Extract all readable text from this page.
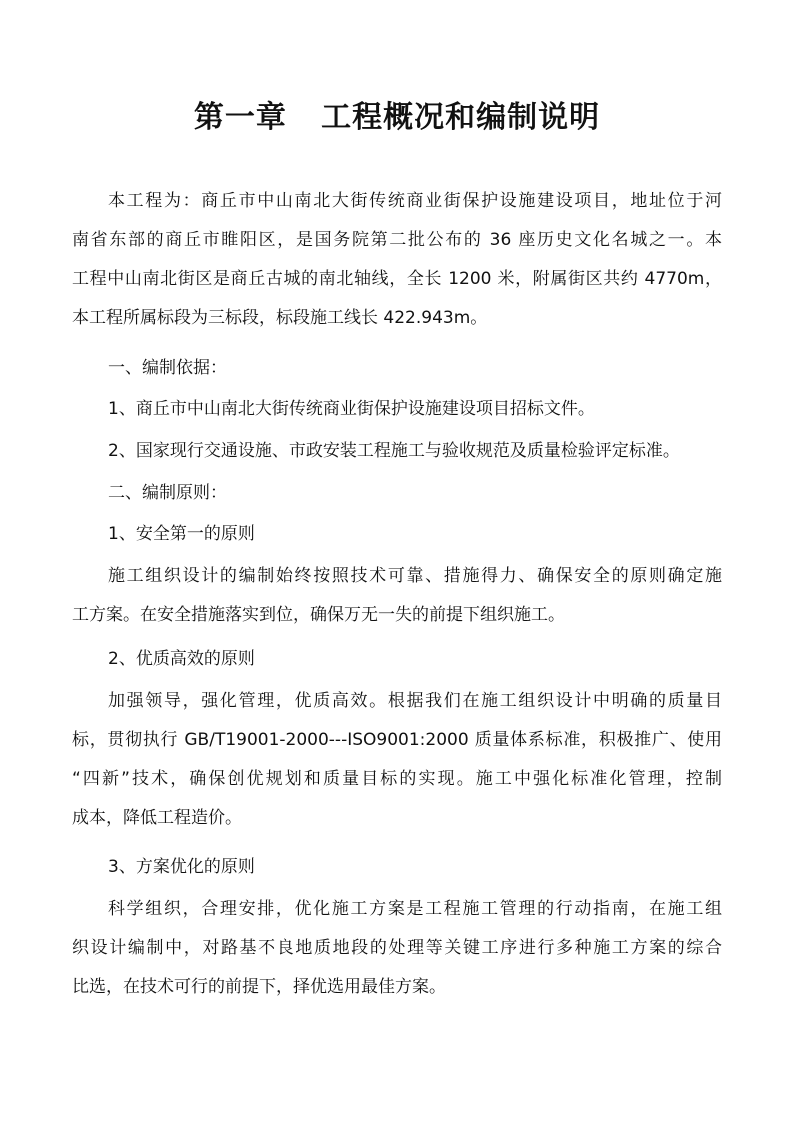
第一章   工程概况和编制说明
本工程为：商丘市中山南北大街传统商业街保护设施建设项目，地址位于河
南省东部的商丘市睢阳区，是国务院第二批公布的 36 座历史文化名城之一。本
工程中山南北街区是商丘古城的南北轴线，全长 1200 米，附属街区共约 4770m，
本工程所属标段为三标段，标段施工线长 422.943m。
一、编制依据：
1、商丘市中山南北大街传统商业街保护设施建设项目招标文件。
2、国家现行交通设施、市政安装工程施工与验收规范及质量检验评定标准。
二、编制原则：
1、安全第一的原则
施工组织设计的编制始终按照技术可靠、措施得力、确保安全的原则确定施
工方案。在安全措施落实到位，确保万无一失的前提下组织施工。
2、优质高效的原则
加强领导，强化管理，优质高效。根据我们在施工组织设计中明确的质量目
标，贯彻执行 GB/T19001-2000---ISO9001:2000 质量体系标准，积极推广、使用
“四新”技术，确保创优规划和质量目标的实现。施工中强化标准化管理，控制
成本，降低工程造价。
3、方案优化的原则
科学组织，合理安排，优化施工方案是工程施工管理的行动指南，在施工组
织设计编制中，对路基不良地质地段的处理等关键工序进行多种施工方案的综合
比选，在技术可行的前提下，择优选用最佳方案。
